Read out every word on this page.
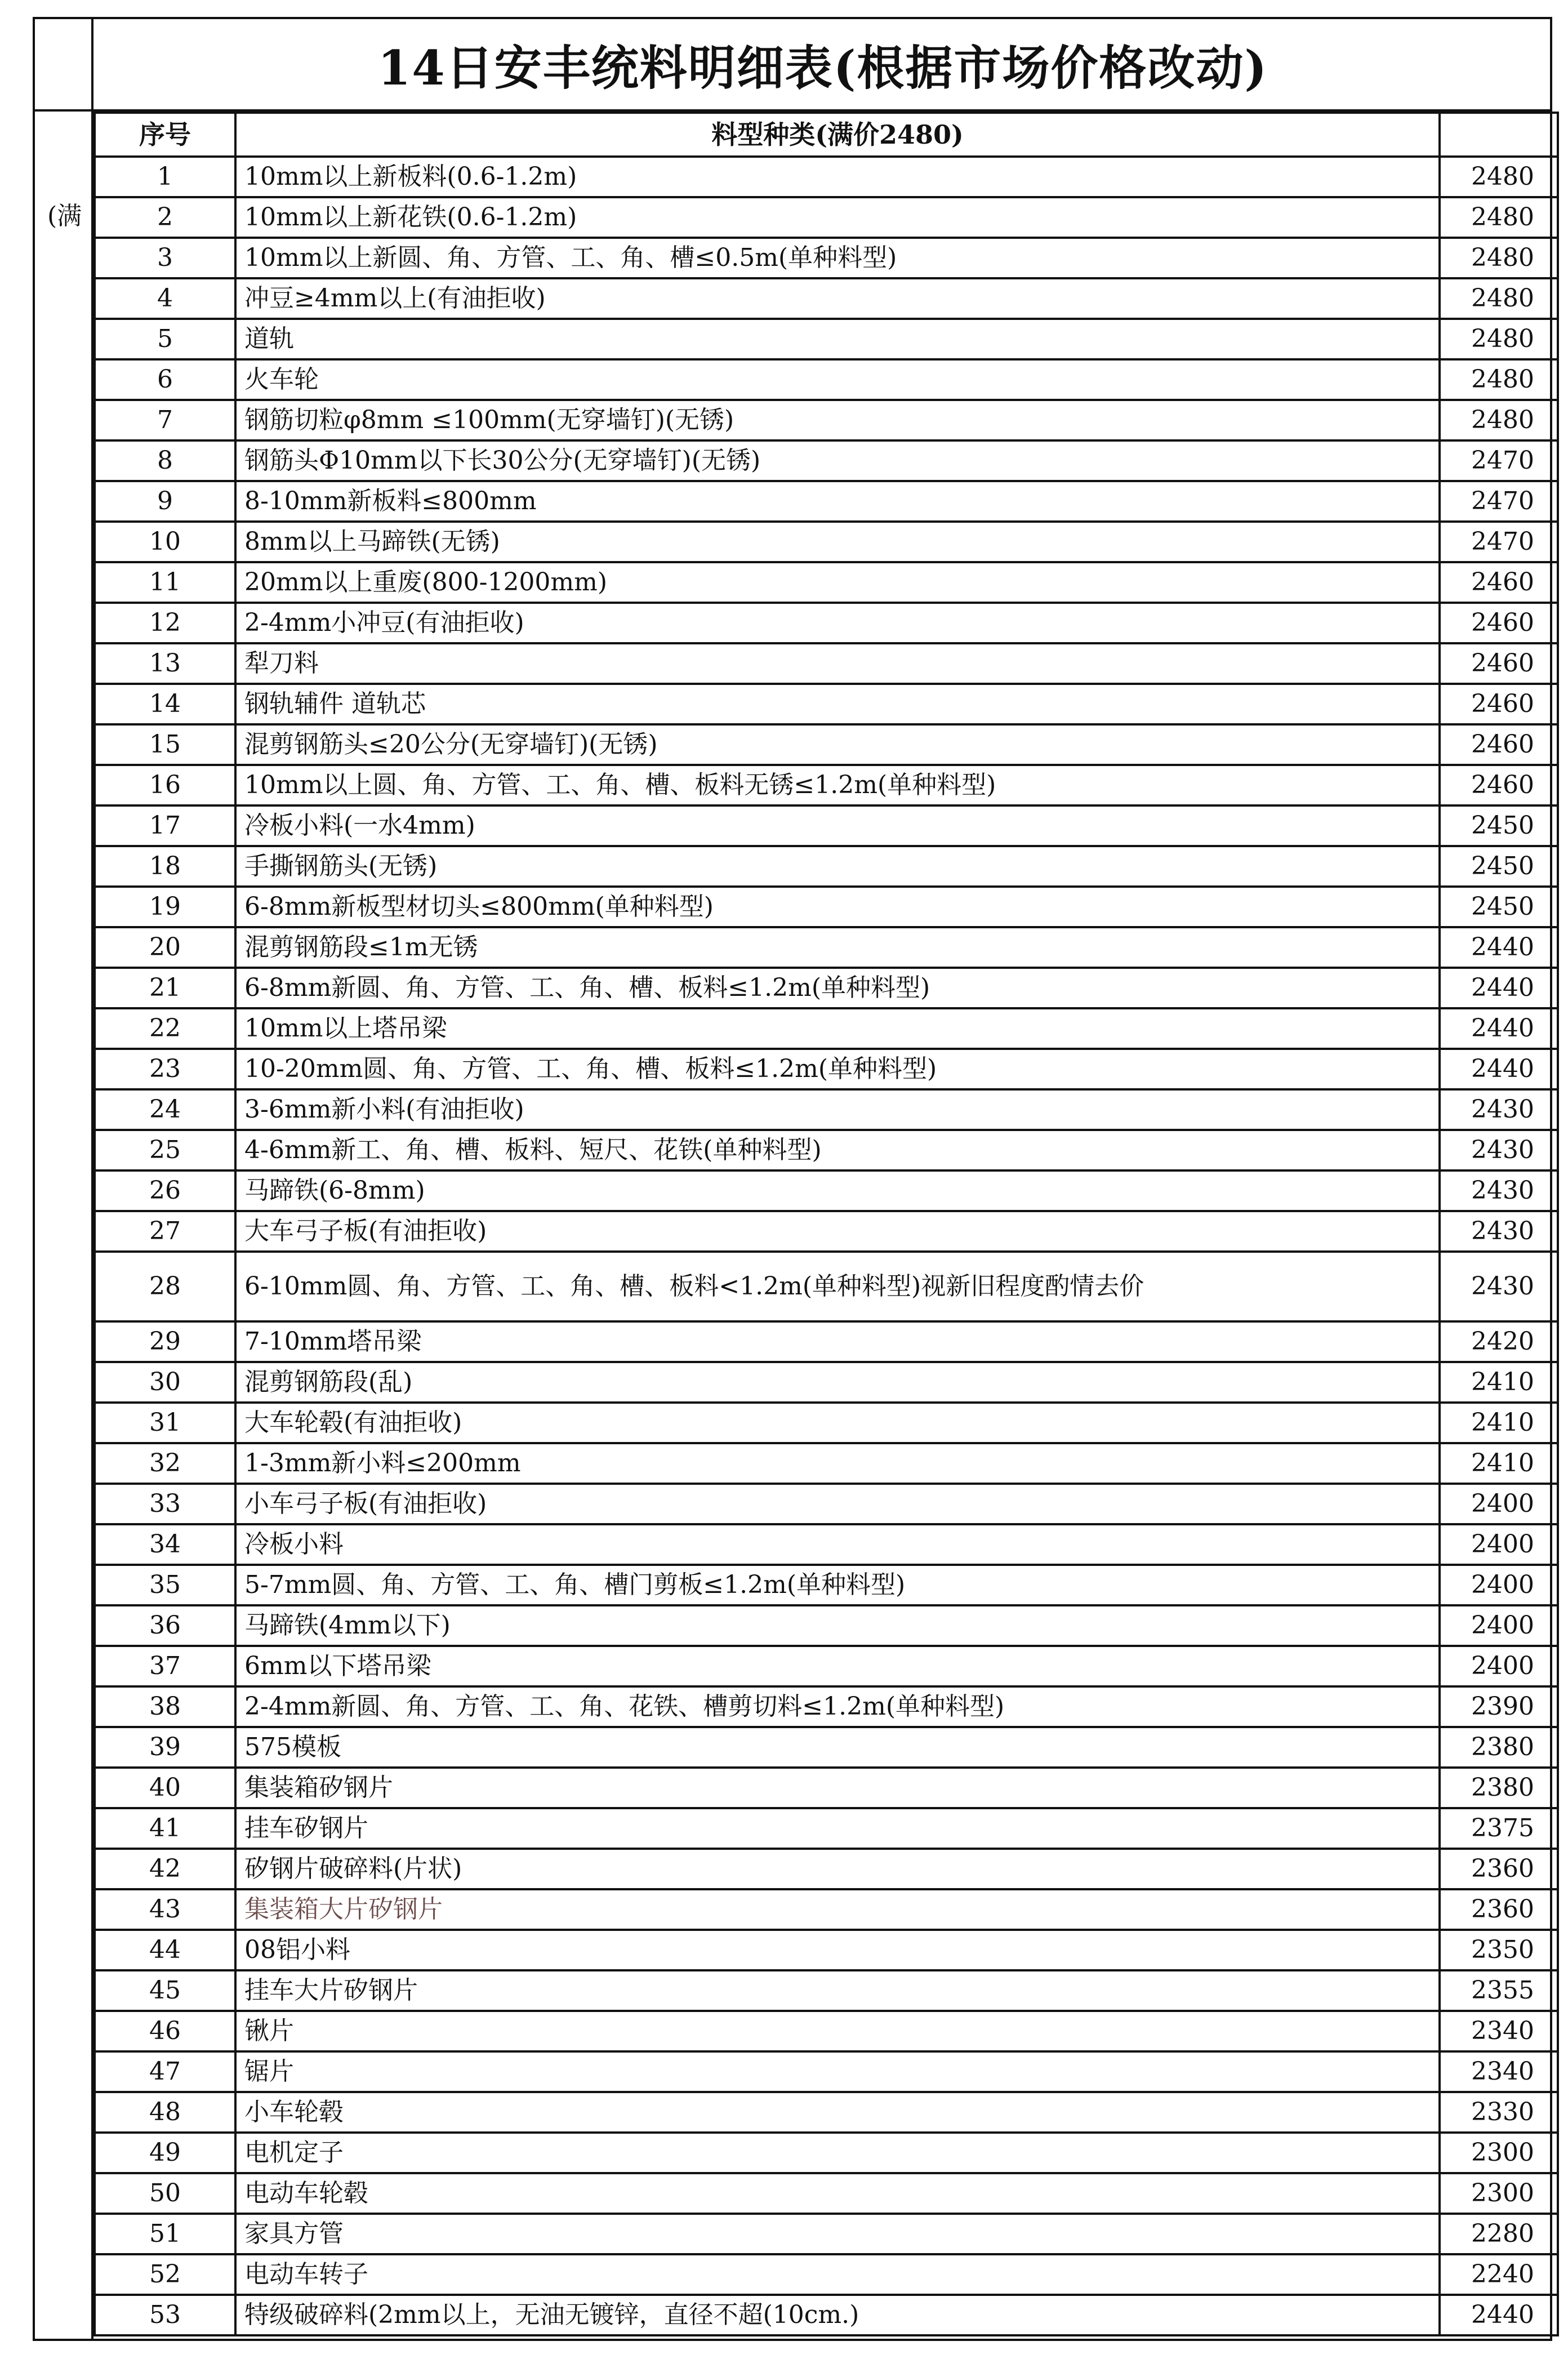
14日安丰统料明细表(根据市场价格改动)
(满
序号	料型种类(满价2480)	
1	10mm以上新板料(0.6-1.2m)	2480
2	10mm以上新花铁(0.6-1.2m)	2480
3	10mm以上新圆、角、方管、工、角、槽≤0.5m(单种料型)	2480
4	冲豆≥4mm以上(有油拒收)	2480
5	道轨	2480
6	火车轮	2480
7	钢筋切粒φ8mm ≤100mm(无穿墙钉)(无锈)	2480
8	钢筋头Φ10mm以下长30公分(无穿墙钉)(无锈)	2470
9	8-10mm新板料≤800mm	2470
10	8mm以上马蹄铁(无锈)	2470
11	20mm以上重废(800-1200mm)	2460
12	2-4mm小冲豆(有油拒收)	2460
13	犁刀料	2460
14	钢轨辅件 道轨芯	2460
15	混剪钢筋头≤20公分(无穿墙钉)(无锈)	2460
16	10mm以上圆、角、方管、工、角、槽、板料无锈≤1.2m(单种料型)	2460
17	冷板小料(一水4mm)	2450
18	手撕钢筋头(无锈)	2450
19	6-8mm新板型材切头≤800mm(单种料型)	2450
20	混剪钢筋段≤1m无锈	2440
21	6-8mm新圆、角、方管、工、角、槽、板料≤1.2m(单种料型)	2440
22	10mm以上塔吊梁	2440
23	10-20mm圆、角、方管、工、角、槽、板料≤1.2m(单种料型)	2440
24	3-6mm新小料(有油拒收)	2430
25	4-6mm新工、角、槽、板料、短尺、花铁(单种料型)	2430
26	马蹄铁(6-8mm)	2430
27	大车弓子板(有油拒收)	2430
28	6-10mm圆、角、方管、工、角、槽、板料<1.2m(单种料型)视新旧程度酌情去价	2430
29	7-10mm塔吊梁	2420
30	混剪钢筋段(乱)	2410
31	大车轮毂(有油拒收)	2410
32	1-3mm新小料≤200mm	2410
33	小车弓子板(有油拒收)	2400
34	冷板小料	2400
35	5-7mm圆、角、方管、工、角、槽门剪板≤1.2m(单种料型)	2400
36	马蹄铁(4mm以下)	2400
37	6mm以下塔吊梁	2400
38	2-4mm新圆、角、方管、工、角、花铁、槽剪切料≤1.2m(单种料型)	2390
39	575模板	2380
40	集装箱矽钢片	2380
41	挂车矽钢片	2375
42	矽钢片破碎料(片状)	2360
43	集装箱大片矽钢片	2360
44	08铝小料	2350
45	挂车大片矽钢片	2355
46	锹片	2340
47	锯片	2340
48	小车轮毂	2330
49	电机定子	2300
50	电动车轮毂	2300
51	家具方管	2280
52	电动车转子	2240
53	特级破碎料(2mm以上，无油无镀锌，直径不超(10cm.)	2440
